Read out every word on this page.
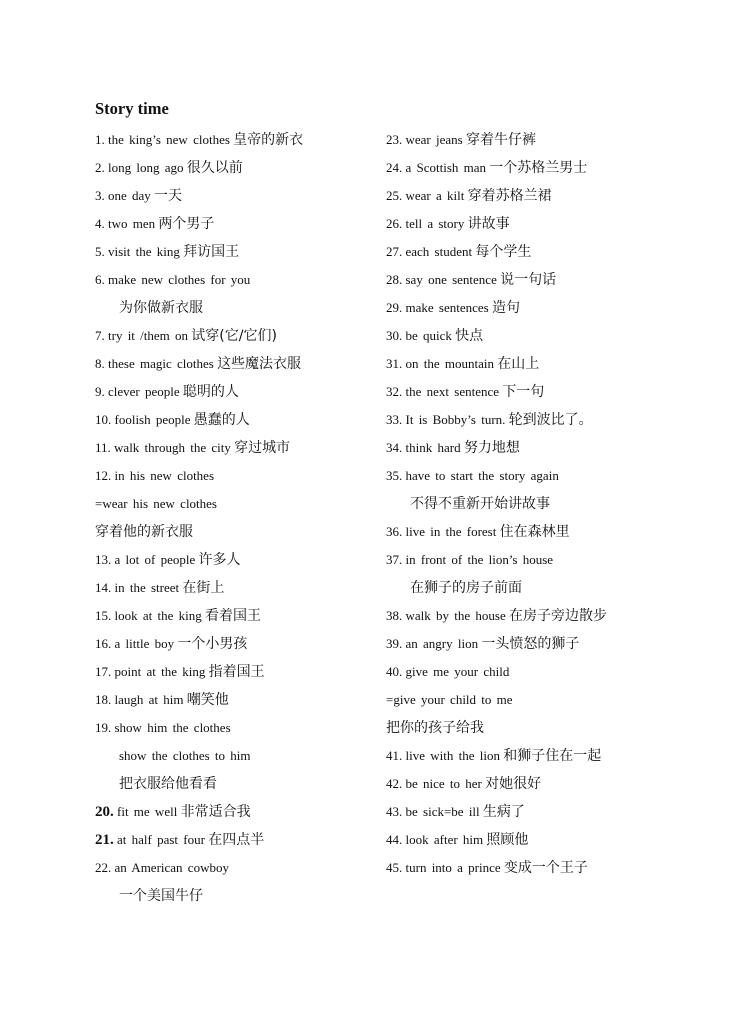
Story time
1. the king’s new clothes 皇帝的新衣
2. long long ago 很久以前
3. one day 一天
4. two men 两个男子
5. visit the king 拜访国王
6. make new clothes for you
为你做新衣服
7. try it /them on 试穿(它/它们)
8. these magic clothes 这些魔法衣服
9. clever people 聪明的人
10. foolish people 愚蠢的人
11. walk through the city 穿过城市
12. in his new clothes
=wear his new clothes
穿着他的新衣服
13. a lot of people 许多人
14. in the street 在街上
15. look at the king 看着国王
16. a little boy 一个小男孩
17. point at the king 指着国王
18. laugh at him 嘲笑他
19. show him the clothes
show the clothes to him
把衣服给他看看
20. fit me well 非常适合我
21. at half past four 在四点半
22. an American cowboy
一个美国牛仔
23. wear jeans 穿着牛仔裤
24. a Scottish man 一个苏格兰男士
25. wear a kilt 穿着苏格兰裙
26. tell a story 讲故事
27. each student 每个学生
28. say one sentence 说一句话
29. make sentences 造句
30. be quick 快点
31. on the mountain 在山上
32. the next sentence 下一句
33. It is Bobby’s turn. 轮到波比了。
34. think hard 努力地想
35. have to start the story again
不得不重新开始讲故事
36. live in the forest 住在森林里
37. in front of the lion’s house
在狮子的房子前面
38. walk by the house 在房子旁边散步
39. an angry lion 一头愤怒的狮子
40. give me your child
=give your child to me
把你的孩子给我
41. live with the lion 和狮子住在一起
42. be nice to her 对她很好
43. be sick=be ill 生病了
44. look after him 照顾他
45. turn into a prince 变成一个王子
